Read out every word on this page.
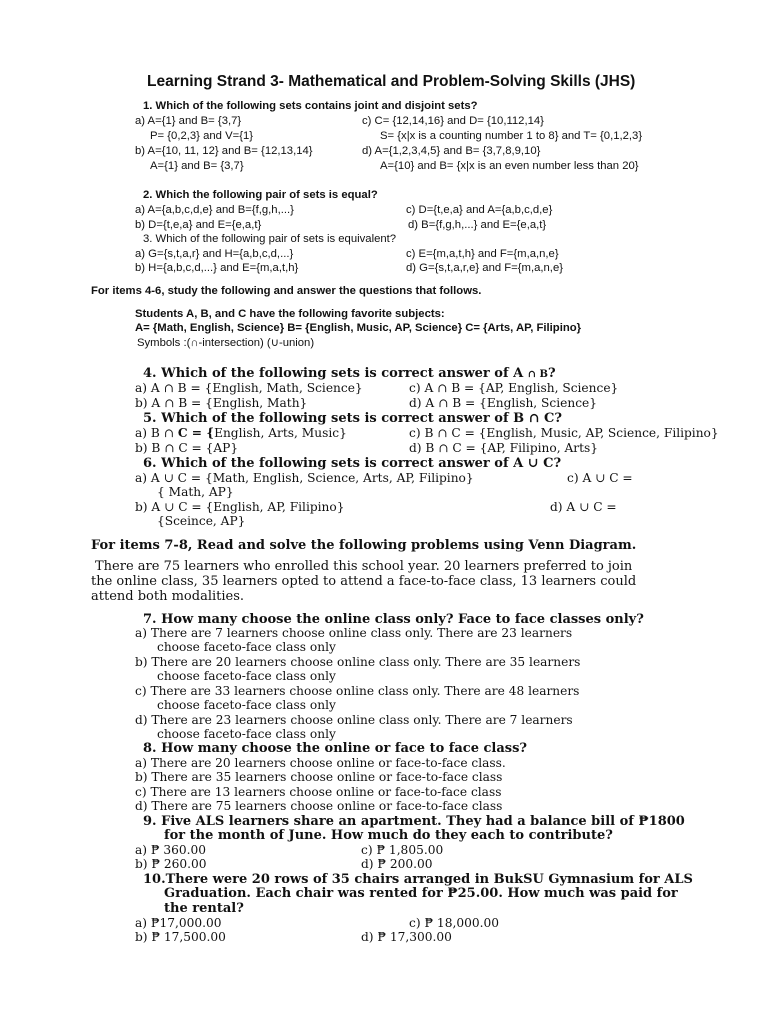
Learning Strand 3- Mathematical and Problem-Solving Skills (JHS)
1. Which of the following sets contains joint and disjoint sets?
a) A={1} and B= {3,7}	c) C= {12,14,16} and D= {10,112,14}
P= {0,2,3} and V={1}	S= {x|x is a counting number 1 to 8} and T= {0,1,2,3}
b) A={10, 11, 12} and B= {12,13,14}	d) A={1,2,3,4,5} and B= {3,7,8,9,10}
A={1} and B= {3,7}	A={10} and B= {x|x is an even number less than 20}
2. Which the following pair of sets is equal?
a) A={a,b,c,d,e} and B={f,g,h,...}	c) D={t,e,a} and A={a,b,c,d,e}
b) D={t,e,a} and E={e,a,t}	d) B={f,g,h,...} and E={e,a,t}
3. Which of the following pair of sets is equivalent?
a) G={s,t,a,r} and H={a,b,c,d,...}	c) E={m,a,t,h} and F={m,a,n,e}
b) H={a,b,c,d,...} and E={m,a,t,h}	d) G={s,t,a,r,e} and F={m,a,n,e}
For items 4-6, study the following and answer the questions that follows.
Students A, B, and C have the following favorite subjects:
A= {Math, English, Science} B= {English, Music, AP, Science} C= {Arts, AP, Filipino}
Symbols :(∩-intersection) (∪-union)
4. Which of the following sets is correct answer of A ∩ B?
a) A ∩ B = {English, Math, Science}	c) A ∩ B = {AP, English, Science}
b) A ∩ B = {English, Math}	d) A ∩ B = {English, Science}
5. Which of the following sets is correct answer of B ∩ C?
a) B ∩ C = {English, Arts, Music}	c) B ∩ C = {English, Music, AP, Science, Filipino}
b) B ∩ C = {AP}	d) B ∩ C = {AP, Filipino, Arts}
6. Which of the following sets is correct answer of A ∪ C?
a) A ∪ C = {Math, English, Science, Arts, AP, Filipino}	c) A ∪ C =
{ Math, AP}
b) A ∪ C = {English, AP, Filipino}	d) A ∪ C =
{Sceince, AP}
For items 7-8, Read and solve the following problems using Venn Diagram.
There are 75 learners who enrolled this school year. 20 learners preferred to join
the online class, 35 learners opted to attend a face-to-face class, 13 learners could
attend both modalities.
7. How many choose the online class only? Face to face classes only?
a) There are 7 learners choose online class only. There are 23 learners
choose faceto-face class only
b) There are 20 learners choose online class only. There are 35 learners
choose faceto-face class only
c) There are 33 learners choose online class only. There are 48 learners
choose faceto-face class only
d) There are 23 learners choose online class only. There are 7 learners
choose faceto-face class only
8. How many choose the online or face to face class?
a) There are 20 learners choose online or face-to-face class.
b) There are 35 learners choose online or face-to-face class
c) There are 13 learners choose online or face-to-face class
d) There are 75 learners choose online or face-to-face class
9. Five ALS learners share an apartment. They had a balance bill of ₱1800
for the month of June. How much do they each to contribute?
a) ₱ 360.00	c) ₱ 1,805.00
b) ₱ 260.00	d) ₱ 200.00
10.There were 20 rows of 35 chairs arranged in BukSU Gymnasium for ALS
Graduation. Each chair was rented for ₱25.00. How much was paid for
the rental?
a) ₱17,000.00	c) ₱ 18,000.00
b) ₱ 17,500.00	d) ₱ 17,300.00
